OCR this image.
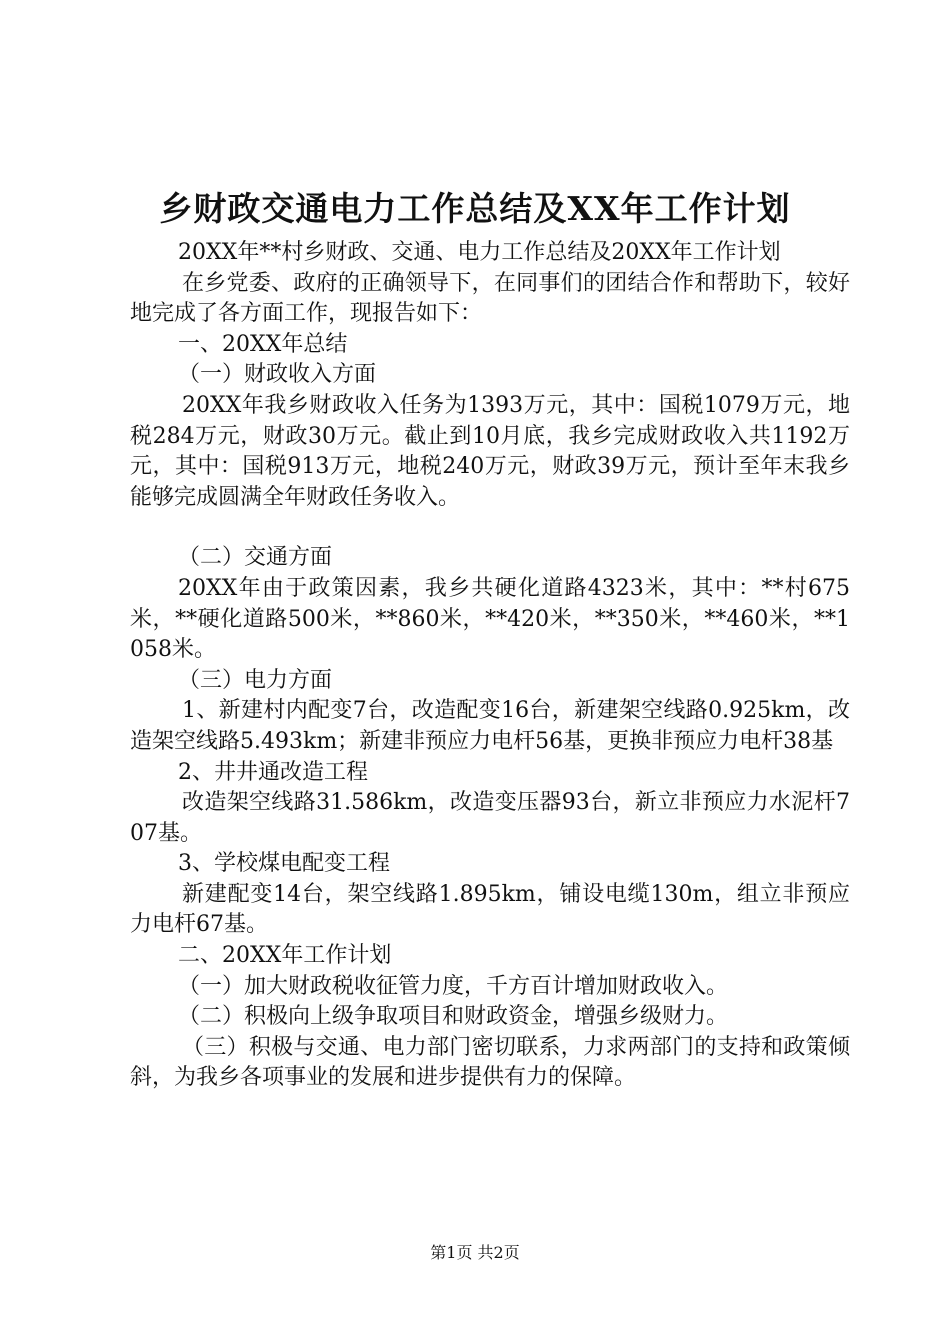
乡财政交通电力工作总结及XX年工作计划

20XX年**村乡财政、交通、电力工作总结及20XX年工作计划

在乡党委、政府的正确领导下，在同事们的团结合作和帮助下，较好地完成了各方面工作，现报告如下：

一、20XX年总结

（一）财政收入方面

20XX年我乡财政收入任务为1393万元，其中：国税1079万元，地税284万元，财政30万元。截止到10月底，我乡完成财政收入共1192万元，其中：国税913万元，地税240万元，财政39万元，预计至年末我乡能够完成圆满全年财政任务收入。

（二）交通方面

20XX年由于政策因素，我乡共硬化道路4323米，其中：**村675米，**硬化道路500米，**860米，**420米，**350米，**460米，**1058米。

（三）电力方面

1、新建村内配变7台，改造配变16台，新建架空线路0.925km，改造架空线路5.493km；新建非预应力电杆56基，更换非预应力电杆38基

2、井井通改造工程

改造架空线路31.586km，改造变压器93台，新立非预应力水泥杆707基。

3、学校煤电配变工程

新建配变14台，架空线路1.895km，铺设电缆130m，组立非预应力电杆67基。

二、20XX年工作计划

（一）加大财政税收征管力度，千方百计增加财政收入。

（二）积极向上级争取项目和财政资金，增强乡级财力。

（三）积极与交通、电力部门密切联系，力求两部门的支持和政策倾斜，为我乡各项事业的发展和进步提供有力的保障。

第1页 共2页
